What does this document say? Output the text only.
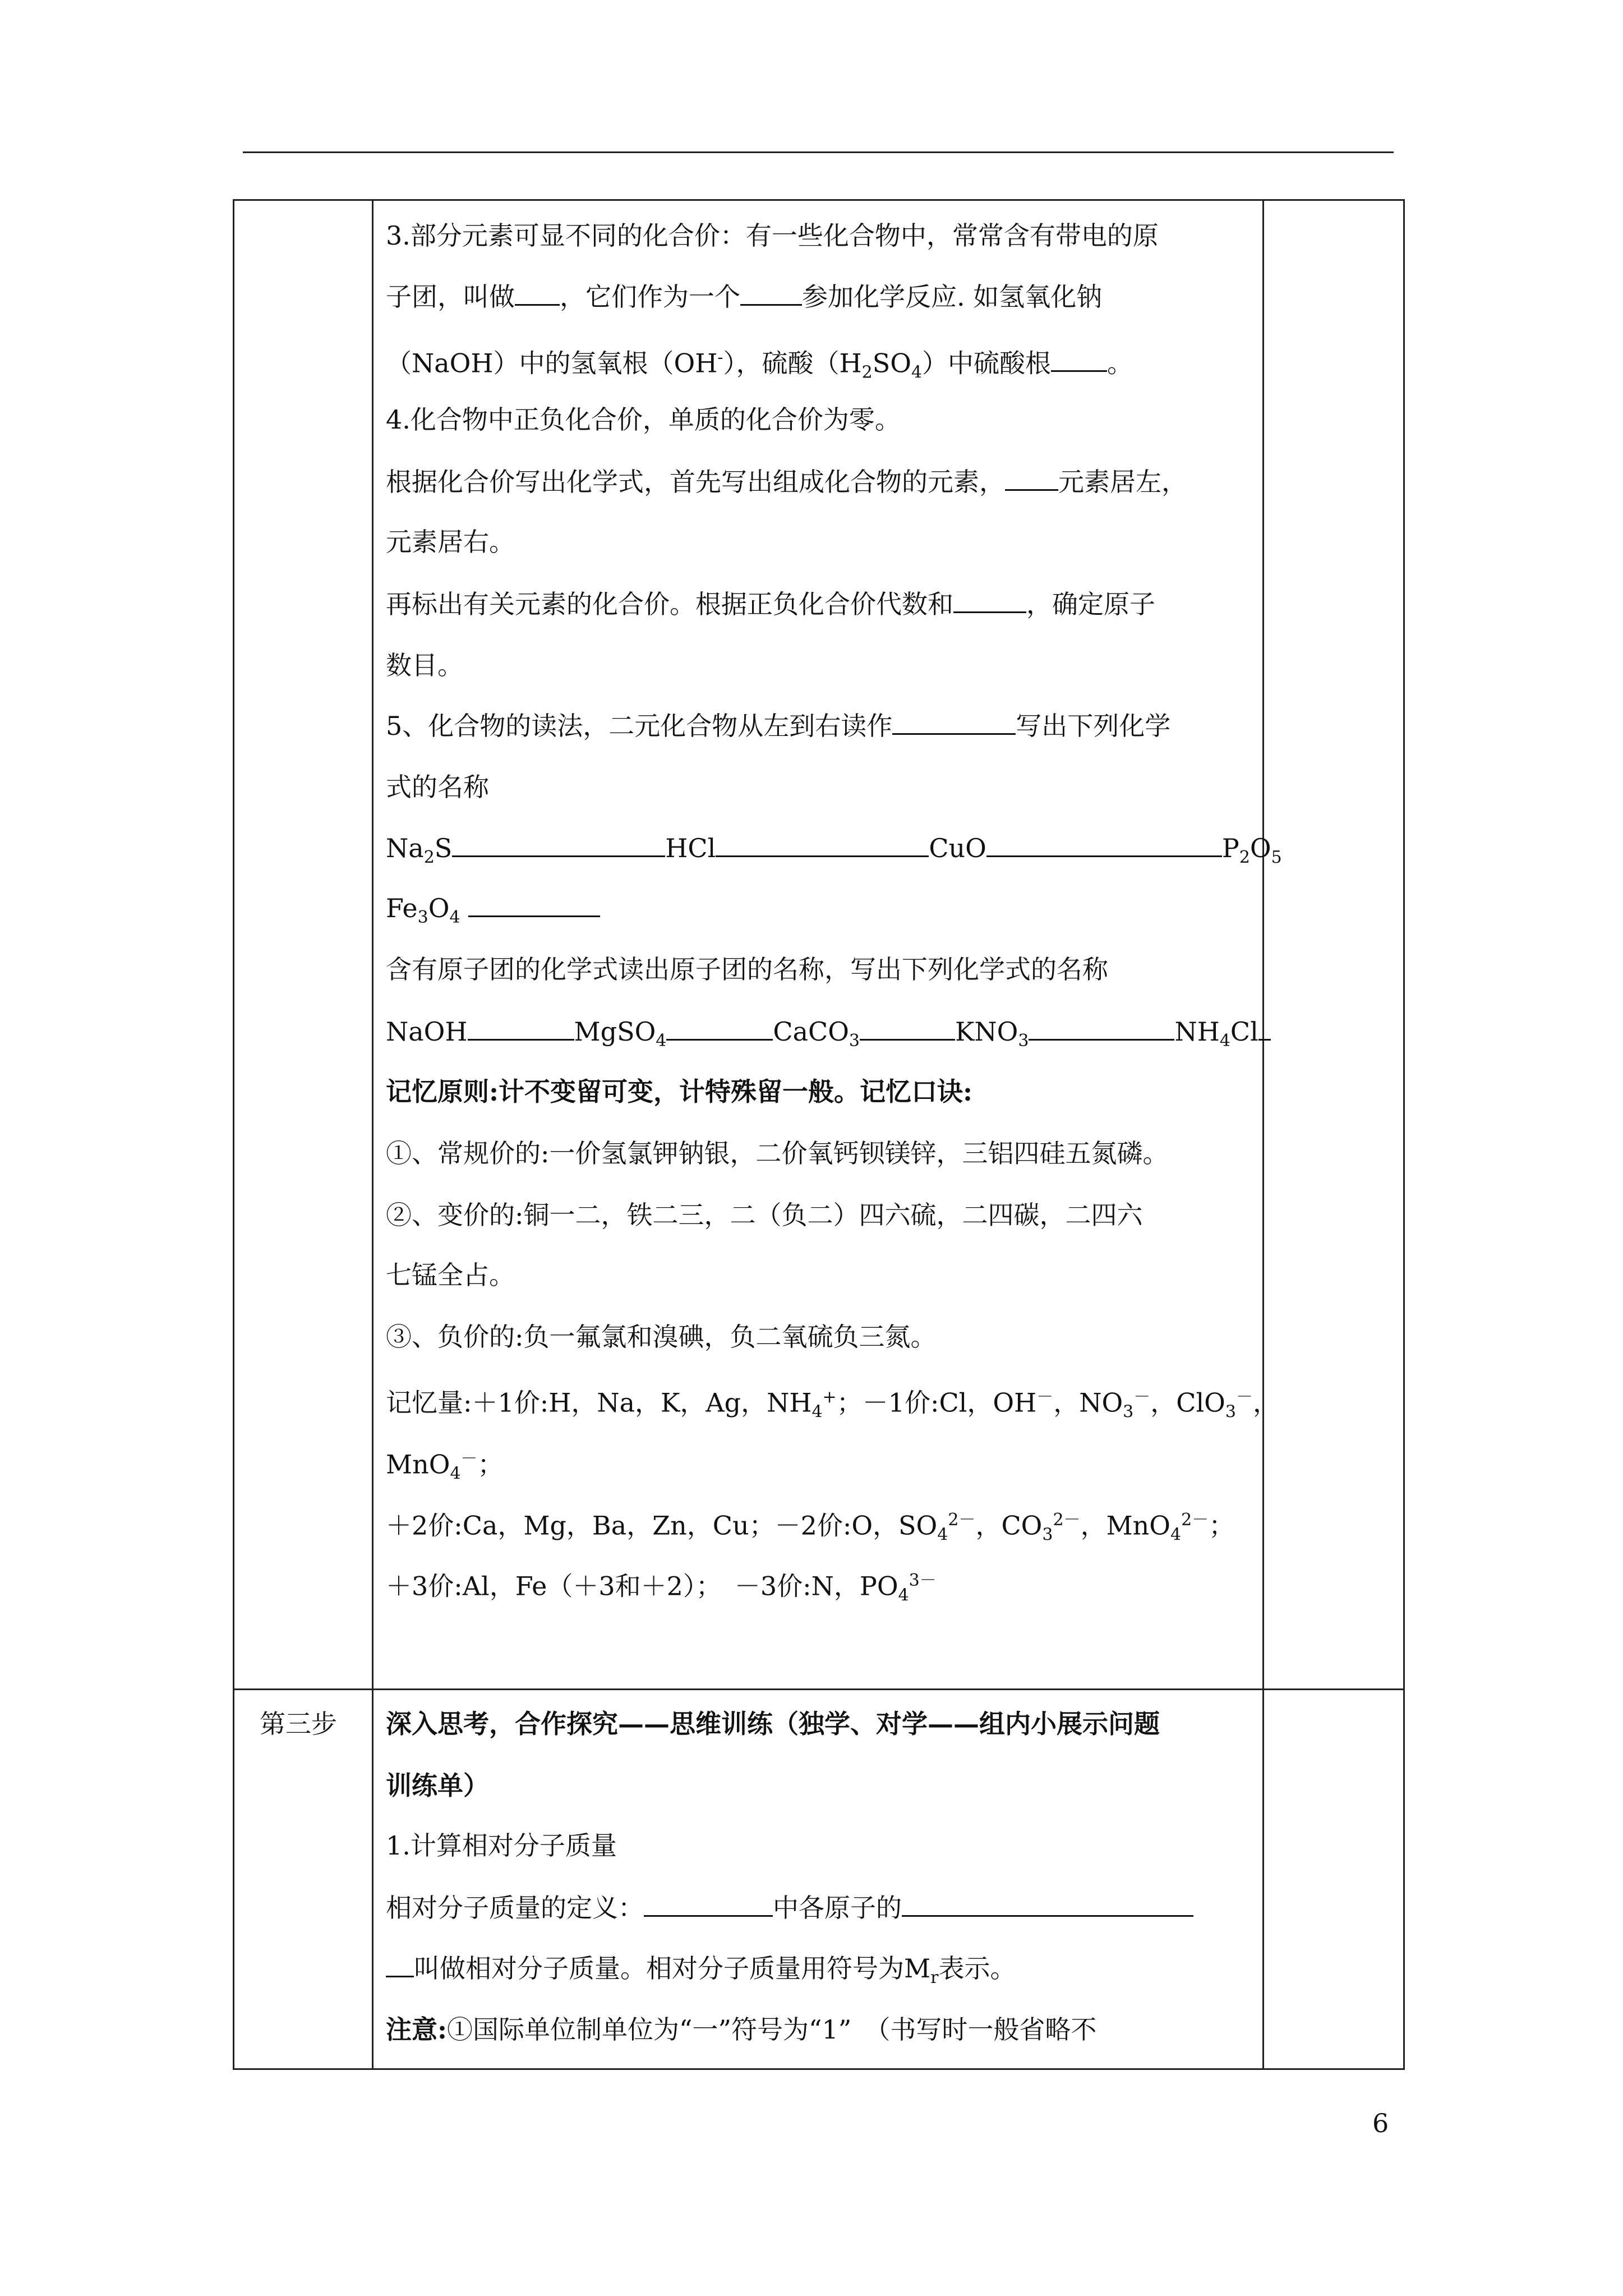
3.部分元素可显不同的化合价：有一些化合物中，常常含有带电的原
子团，叫做 ，它们作为一个 参加化学反应. 如氢氧化钠
（NaOH）中的氢氧根（OH-），硫酸$(H_2SO_4)$中硫酸根 。
4.化合物中正负化合价，单质的化合价为零。
根据化合价写出化学式，首先写出组成化合物的元素， 元素居左，
元素居右。
再标出有关元素的化合价。根据正负化合价代数和	，确定原子
数目。
5、化合物的读法，二元化合物从左到右读作	写出下列化学
式的名称
$Na_2S$	HCl	CuO	$P_2O_5$
$Fe_3O_4$
含有原子团的化学式读出原子团的名称，写出下列化学式的名称
NaOH	MgSO$_4$	CaCO$_3$	$KNO_3$	$NH_4Cl$
记忆原则:计不变留可变，计特殊留一般。记忆口诀:
①、常规价的:一价氢氯钾钠银，二价氧钙钡镁锌，三铝四硅五氮磷。
②、变价的:铜一二，铁二三，二（负二）四六硫，二四碳，二四六
七锰全占。
③、负价的:负一氟氯和溴碘，负二氧硫负三氮。
记忆量:＋1价:H，Na，K，Ag，$NH_4^+$；－1价:Cl，OH－，$NO_3^-$，ClO$_3$－，
MnO$_4$－；
＋2价:Ca，Mg，Ba，Zn，Cu；－2价:O，$SO_4^{2-}$，$CO_3^{2-}$，MnO$_4^{2-}$；
＋3价:Al，Fe（＋3和＋2）；　－3价:N，$PO_4^{3-}$
第三步 深入思考，合作探究——思维训练（独学、对学——组内小展示问题
训练单）
1.计算相对分子质量
相对分子质量的定义：	中各原子的
叫做相对分子质量。相对分子质量用符号为$M_r$表示。
注意:①国际单位制单位为“一”符号为“1”　（书写时一般省略不
6
